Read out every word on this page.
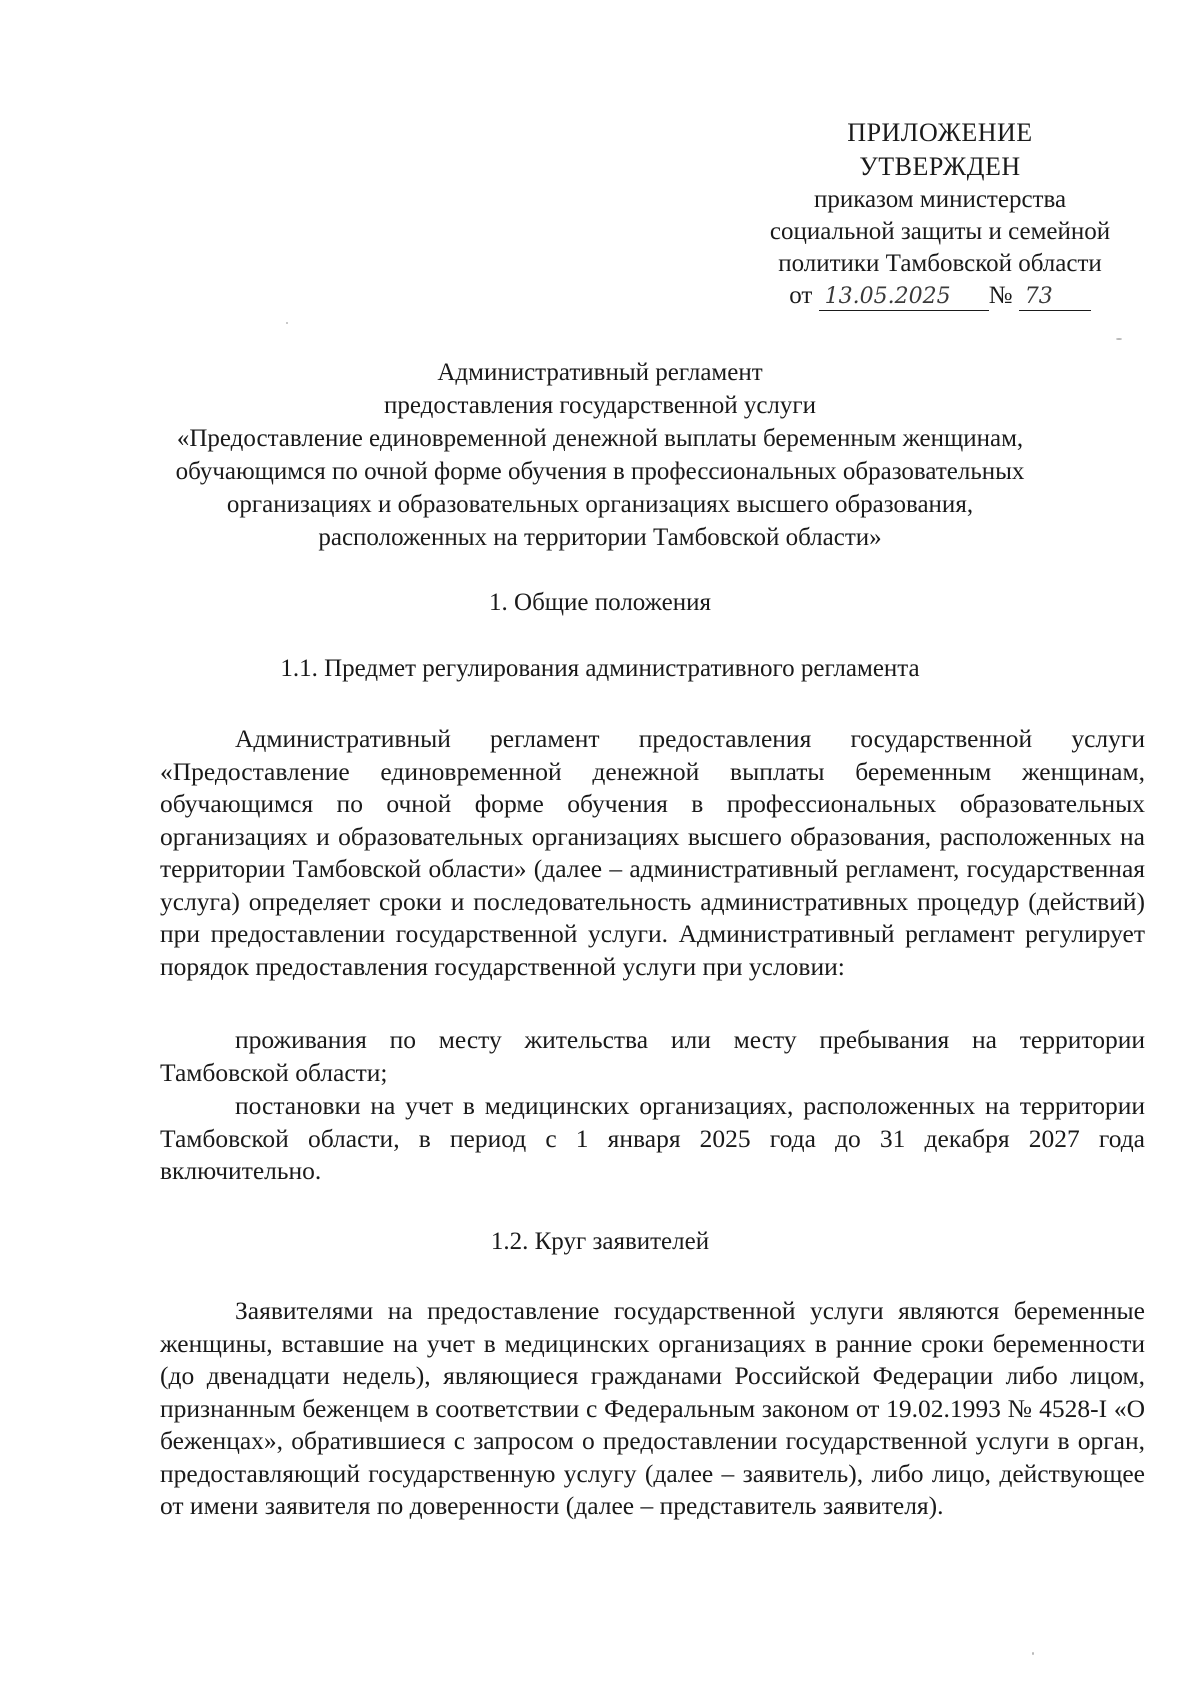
ПРИЛОЖЕНИЕ
УТВЕРЖДЕН
приказом министерства
социальной защиты и семейной
политики Тамбовской области
от 13.05.2025 № 73
Административный регламент
предоставления государственной услуги
«Предоставление единовременной денежной выплаты беременным женщинам,
обучающимся по очной форме обучения в профессиональных образовательных
организациях и образовательных организациях высшего образования,
расположенных на территории Тамбовской области»
1. Общие положения
1.1. Предмет регулирования административного регламента
Административный регламент предоставления государственной услуги «Предоставление единовременной денежной выплаты беременным женщинам, обучающимся по очной форме обучения в профессиональных образовательных организациях и образовательных организациях высшего образования, расположенных на территории Тамбовской области» (далее – административный регламент, государственная услуга) определяет сроки и последовательность административных процедур (действий) при предоставлении государственной услуги. Административный регламент регулирует порядок предоставления государственной услуги при условии:
проживания по месту жительства или месту пребывания на территории Тамбовской области;
постановки на учет в медицинских организациях, расположенных на территории Тамбовской области, в период с 1 января 2025 года до 31 декабря 2027 года включительно.
1.2. Круг заявителей
Заявителями на предоставление государственной услуги являются беременные женщины, вставшие на учет в медицинских организациях в ранние сроки беременности (до двенадцати недель), являющиеся гражданами Российской Федерации либо лицом, признанным беженцем в соответствии с Федеральным законом от 19.02.1993 № 4528-I «О беженцах», обратившиеся с запросом о предоставлении государственной услуги в орган, предоставляющий государственную услугу (далее – заявитель), либо лицо, действующее от имени заявителя по доверенности (далее – представитель заявителя).
